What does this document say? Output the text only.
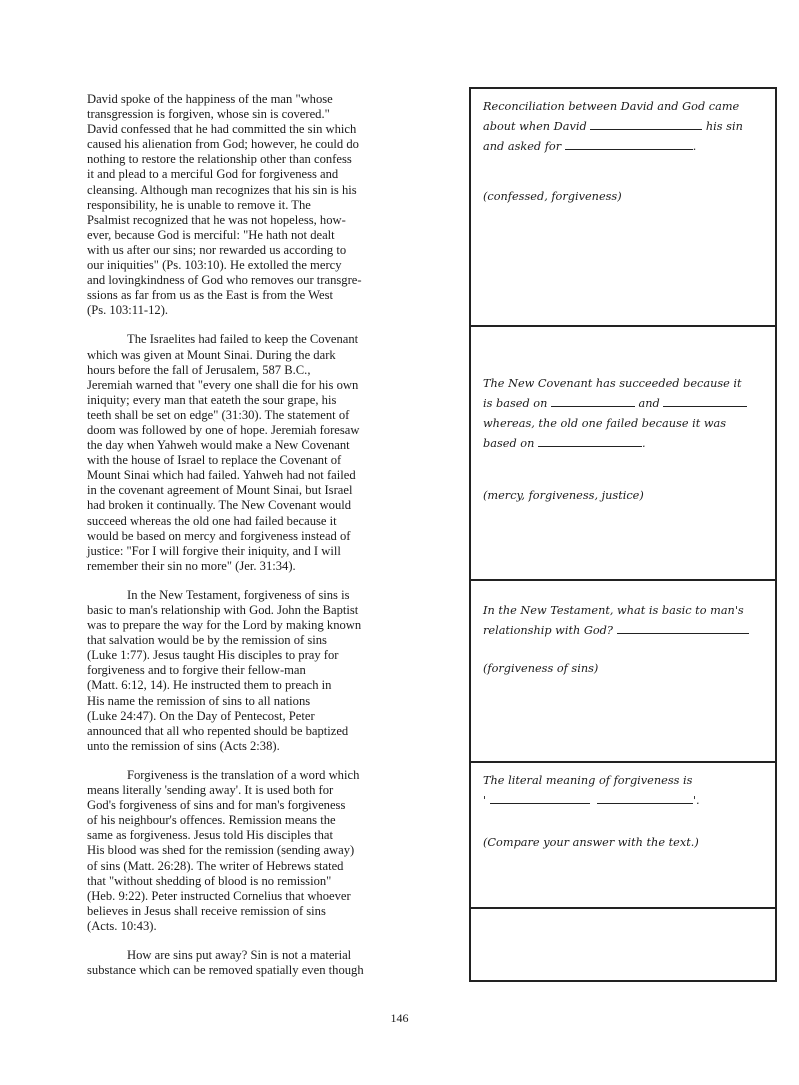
David spoke of the happiness of the man "whose
transgression is forgiven, whose sin is covered."
David confessed that he had committed the sin which
caused his alienation from God; however, he could do
nothing to restore the relationship other than confess
it and plead to a merciful God for forgiveness and
cleansing. Although man recognizes that his sin is his
responsibility, he is unable to remove it. The
Psalmist recognized that he was not hopeless, how-
ever, because God is merciful: "He hath not dealt
with us after our sins; nor rewarded us according to
our iniquities" (Ps. 103:10). He extolled the mercy
and lovingkindness of God who removes our transgre-
ssions as far from us as the East is from the West
(Ps. 103:11-12).
The Israelites had failed to keep the Covenant
which was given at Mount Sinai. During the dark
hours before the fall of Jerusalem, 587 B.C.,
Jeremiah warned that "every one shall die for his own
iniquity; every man that eateth the sour grape, his
teeth shall be set on edge" (31:30). The statement of
doom was followed by one of hope. Jeremiah foresaw
the day when Yahweh would make a New Covenant
with the house of Israel to replace the Covenant of
Mount Sinai which had failed. Yahweh had not failed
in the covenant agreement of Mount Sinai, but Israel
had broken it continually. The New Covenant would
succeed whereas the old one had failed because it
would be based on mercy and forgiveness instead of
justice: "For I will forgive their iniquity, and I will
remember their sin no more" (Jer. 31:34).
In the New Testament, forgiveness of sins is
basic to man's relationship with God. John the Baptist
was to prepare the way for the Lord by making known
that salvation would be by the remission of sins
(Luke 1:77). Jesus taught His disciples to pray for
forgiveness and to forgive their fellow-man
(Matt. 6:12, 14). He instructed them to preach in
His name the remission of sins to all nations
(Luke 24:47). On the Day of Pentecost, Peter
announced that all who repented should be baptized
unto the remission of sins (Acts 2:38).
Forgiveness is the translation of a word which
means literally 'sending away'. It is used both for
God's forgiveness of sins and for man's forgiveness
of his neighbour's offences. Remission means the
same as forgiveness. Jesus told His disciples that
His blood was shed for the remission (sending away)
of sins (Matt. 26:28). The writer of Hebrews stated
that "without shedding of blood is no remission"
(Heb. 9:22). Peter instructed Cornelius that whoever
believes in Jesus shall receive remission of sins
(Acts. 10:43).
How are sins put away? Sin is not a material
substance which can be removed spatially even though

Reconciliation between David and God came
about when David	his sin
and asked for	.

(confessed, forgiveness)

The New Covenant has succeeded because it
is based on	and
whereas, the old one failed because it was
based on	.

(mercy, forgiveness, justice)

In the New Testament, what is basic to man's
relationship with God?

(forgiveness of sins)

The literal meaning of forgiveness is
'	'.

(Compare your answer with the text.)

146
